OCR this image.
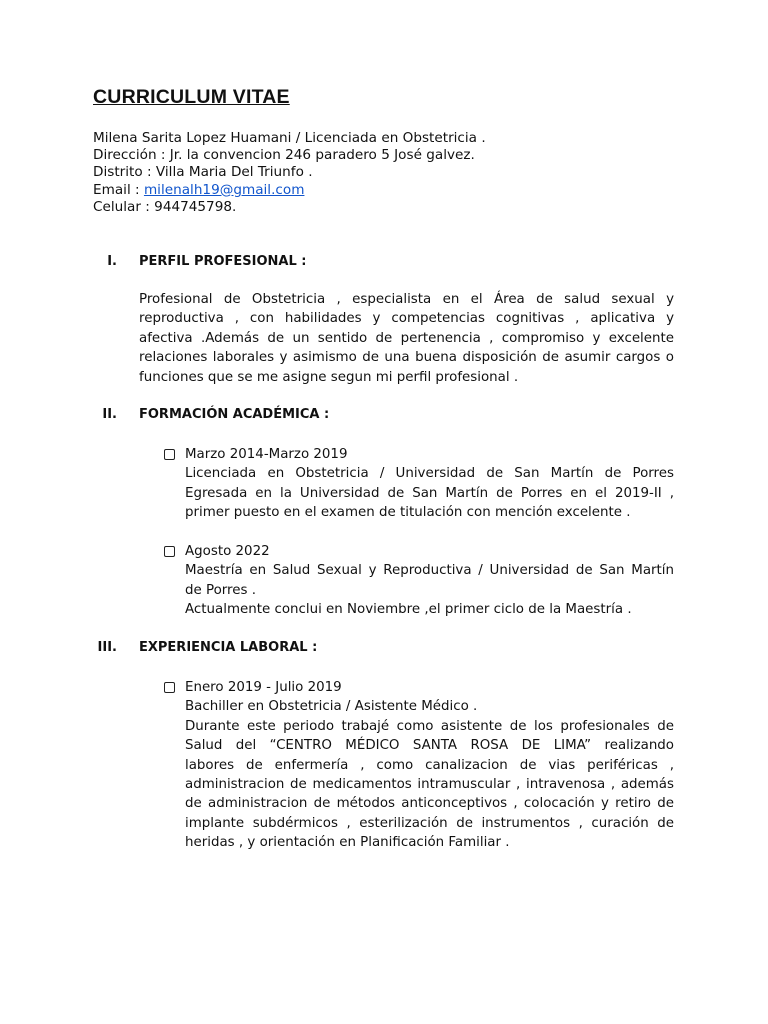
CURRICULUM VITAE
Milena Sarita Lopez Huamani / Licenciada en Obstetricia .
Dirección : Jr. la convencion 246 paradero 5 José galvez.
Distrito : Villa Maria Del Triunfo .
Email : milenalh19@gmail.com
Celular : 944745798.
I. PERFIL PROFESIONAL :
Profesional de Obstetricia , especialista en el Área de salud sexual y
reproductiva , con habilidades y competencias cognitivas , aplicativa y
afectiva .Además de un sentido de pertenencia , compromiso y excelente
relaciones laborales y asimismo de una buena disposición de asumir cargos o
funciones que se me asigne segun mi perfil profesional .
II. FORMACIÓN ACADÉMICA :
Marzo 2014-Marzo 2019
Licenciada en Obstetricia / Universidad de San Martín de Porres
Egresada en la Universidad de San Martín de Porres en el 2019-II ,
primer puesto en el examen de titulación con mención excelente .
Agosto 2022
Maestría en Salud Sexual y Reproductiva / Universidad de San Martín
de Porres .
Actualmente conclui en Noviembre ,el primer ciclo de la Maestría .
III. EXPERIENCIA LABORAL :
Enero 2019 - Julio 2019
Bachiller en Obstetricia / Asistente Médico .
Durante este periodo trabajé como asistente de los profesionales de
Salud del “CENTRO MÉDICO SANTA ROSA DE LIMA” realizando
labores de enfermería , como canalizacion de vias periféricas ,
administracion de medicamentos intramuscular , intravenosa , además
de administracion de métodos anticonceptivos , colocación y retiro de
implante subdérmicos , esterilización de instrumentos , curación de
heridas , y orientación en Planificación Familiar .
